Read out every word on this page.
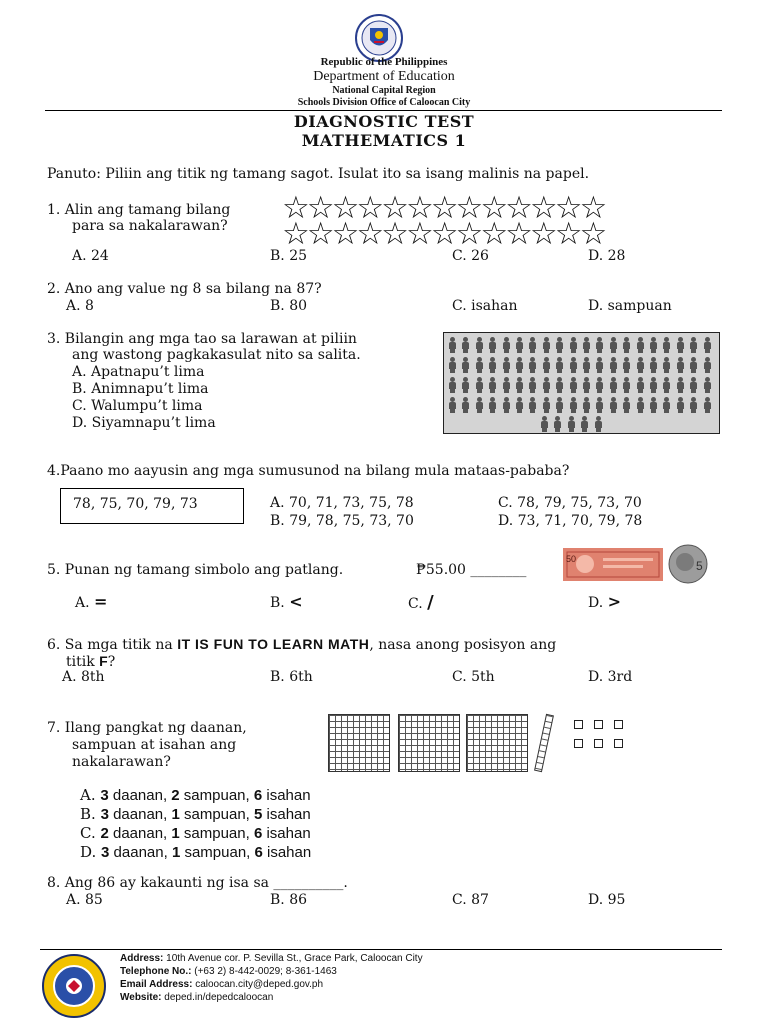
Republic of the Philippines
Department of Education
National Capital Region
Schools Division Office of Caloocan City
DIAGNOSTIC TEST
MATHEMATICS 1
Panuto: Piliin ang titik ng tamang sagot. Isulat ito sa isang malinis na papel.
1. Alin ang tamang bilang
para sa nakalarawan? ☆☆☆☆☆☆☆☆☆☆☆☆☆
☆☆☆☆☆☆☆☆☆☆☆☆☆
A. 24	B. 25	C. 26	D. 28
2. Ano ang value ng 8 sa bilang na 87?
A. 8	B. 80	C. isahan	D. sampuan
3. Bilangin ang mga tao sa larawan at piliin
ang wastong pagkakasulat nito sa salita.
A. Apatnapu’t lima
B. Animnapu’t lima
C. Walumpu’t lima
D. Siyamnapu’t lima
4.Paano mo aayusin ang mga sumusunod na bilang mula mataas-pababa?
78, 75, 70, 79, 73	A. 70, 71, 73, 75, 78
B. 79, 78, 75, 73, 70
C. 78, 79, 75, 73, 70
D. 73, 71, 70, 79, 78
5. Punan ng tamang simbolo ang patlang.	₱55.00 ________
50	5
A. =	B. <	C. /	D. >
6. Sa mga titik na IT IS FUN TO LEARN MATH, nasa anong posisyon ang
titik F?
A. 8th	B. 6th	C. 5th	D. 3rd
7. Ilang pangkat ng daanan,
sampuan at isahan ang
nakalarawan?
A. 3 daanan, 2 sampuan, 6 isahan
B. 3 daanan, 1 sampuan, 5 isahan
C. 2 daanan, 1 sampuan, 6 isahan
D. 3 daanan, 1 sampuan, 6 isahan
8. Ang 86 ay kakaunti ng isa sa __________.
A. 85	B. 86	C. 87	D. 95
Address: 10th Avenue cor. P. Sevilla St., Grace Park, Caloocan City
Telephone No.: (+63 2) 8-442-0029; 8-361-1463
Email Address: caloocan.city@deped.gov.ph
Website: deped.in/depedcaloocan
